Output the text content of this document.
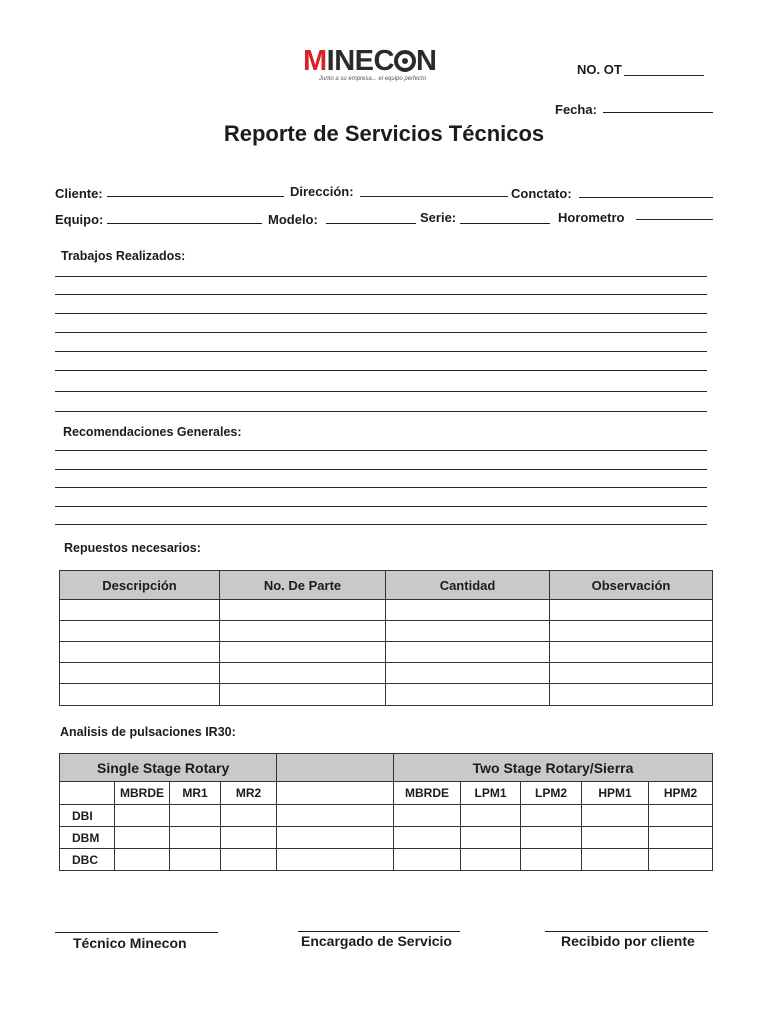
MINEC N
Junto a su empresa... el equipo perfecto
NO. OT
Fecha:
Reporte de Servicios Técnicos
Cliente:	Dirección:	Conctato:
Equipo:	Modelo:	Serie:	Horometro
Trabajos Realizados:
Recomendaciones Generales:
Repuestos necesarios:
Descripción	No. De Parte	Cantidad	Observación

Analisis de pulsaciones IR30:
Single Stage Rotary					Two Stage Rotary/Sierra				
	MBRDE	MR1	MR2		MBRDE	LPM1	LPM2	HPM1	HPM2
DBI									
DBM									
DBC									
Técnico Minecon	Encargado de Servicio	Recibido por cliente
